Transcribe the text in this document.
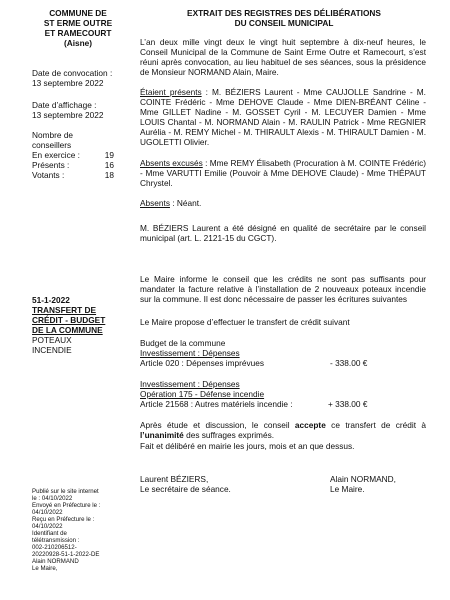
COMMUNE DE
ST ERME OUTRE
ET RAMECOURT
(Aisne)
Date de convocation :
13 septembre 2022
Date d’affichage :
13 septembre 2022
Nombre de
conseillers
En exercice :	19
Présents :	16
Votants :	18
51-1-2022
TRANSFERT DE
CRÉDIT - BUDGET
DE LA COMMUNE
POTEAUX
INCENDIE
Publié sur le site internet
le : 04/10/2022
Envoyé en Préfecture le :
04/10/2022
Reçu en Préfecture le :
04/10/2022
Identifiant de
télétransmission :
002-210206512-
20220928-51-1-2022-DE
Alain NORMAND
Le Maire,
EXTRAIT DES REGISTRES DES DÉLIBÉRATIONS
DU CONSEIL MUNICIPAL
L’an deux mille vingt deux le vingt huit septembre à dix-neuf heures, le Conseil Municipal de la Commune de Saint Erme Outre et Ramecourt, s’est réuni après convocation, au lieu habituel de ses séances, sous la présidence de Monsieur NORMAND Alain, Maire.
Étaient présents : M. BÉZIERS Laurent - Mme CAUJOLLE Sandrine - M. COINTE Frédéric - Mme DEHOVE Claude - Mme DIEN-BRÉANT Céline - Mme GILLET Nadine - M. GOSSET Cyril - M. LECUYER Damien - Mme LOUIS Chantal - M. NORMAND Alain - M. RAULIN Patrick - Mme REGNIER Aurélia - M. REMY Michel - M. THIRAULT Alexis - M. THIRAULT Damien - M. UGOLETTI Olivier.
Absents excusés : Mme REMY Élisabeth (Procuration à M. COINTE Frédéric) - Mme VARUTTI Emilie (Pouvoir à Mme DEHOVE Claude) - Mme THÉPAUT Chrystel.
Absents : Néant.
M. BÉZIERS Laurent a été désigné en qualité de secrétaire par le conseil municipal (art. L. 2121-15 du CGCT).
Le Maire informe le conseil que les crédits ne sont pas suffisants pour mandater la facture relative à l’installation de 2 nouveaux poteaux incendie sur la commune. Il est donc nécessaire de passer les écritures suivantes
Le Maire propose d’effectuer le transfert de crédit suivant
Budget de la commune
Investissement : Dépenses
Article 020 : Dépenses imprévues	- 338.00 €
Investissement : Dépenses
Opération 175 - Défense incendie
Article 21568 : Autres matériels incendie :	+ 338.00 €
Après étude et discussion, le conseil accepte ce transfert de crédit à l’unanimité des suffrages exprimés.
Fait et délibéré en mairie les jours, mois et an que dessus.
Laurent BÉZIERS,
Le secrétaire de séance.
Alain NORMAND,
Le Maire.
